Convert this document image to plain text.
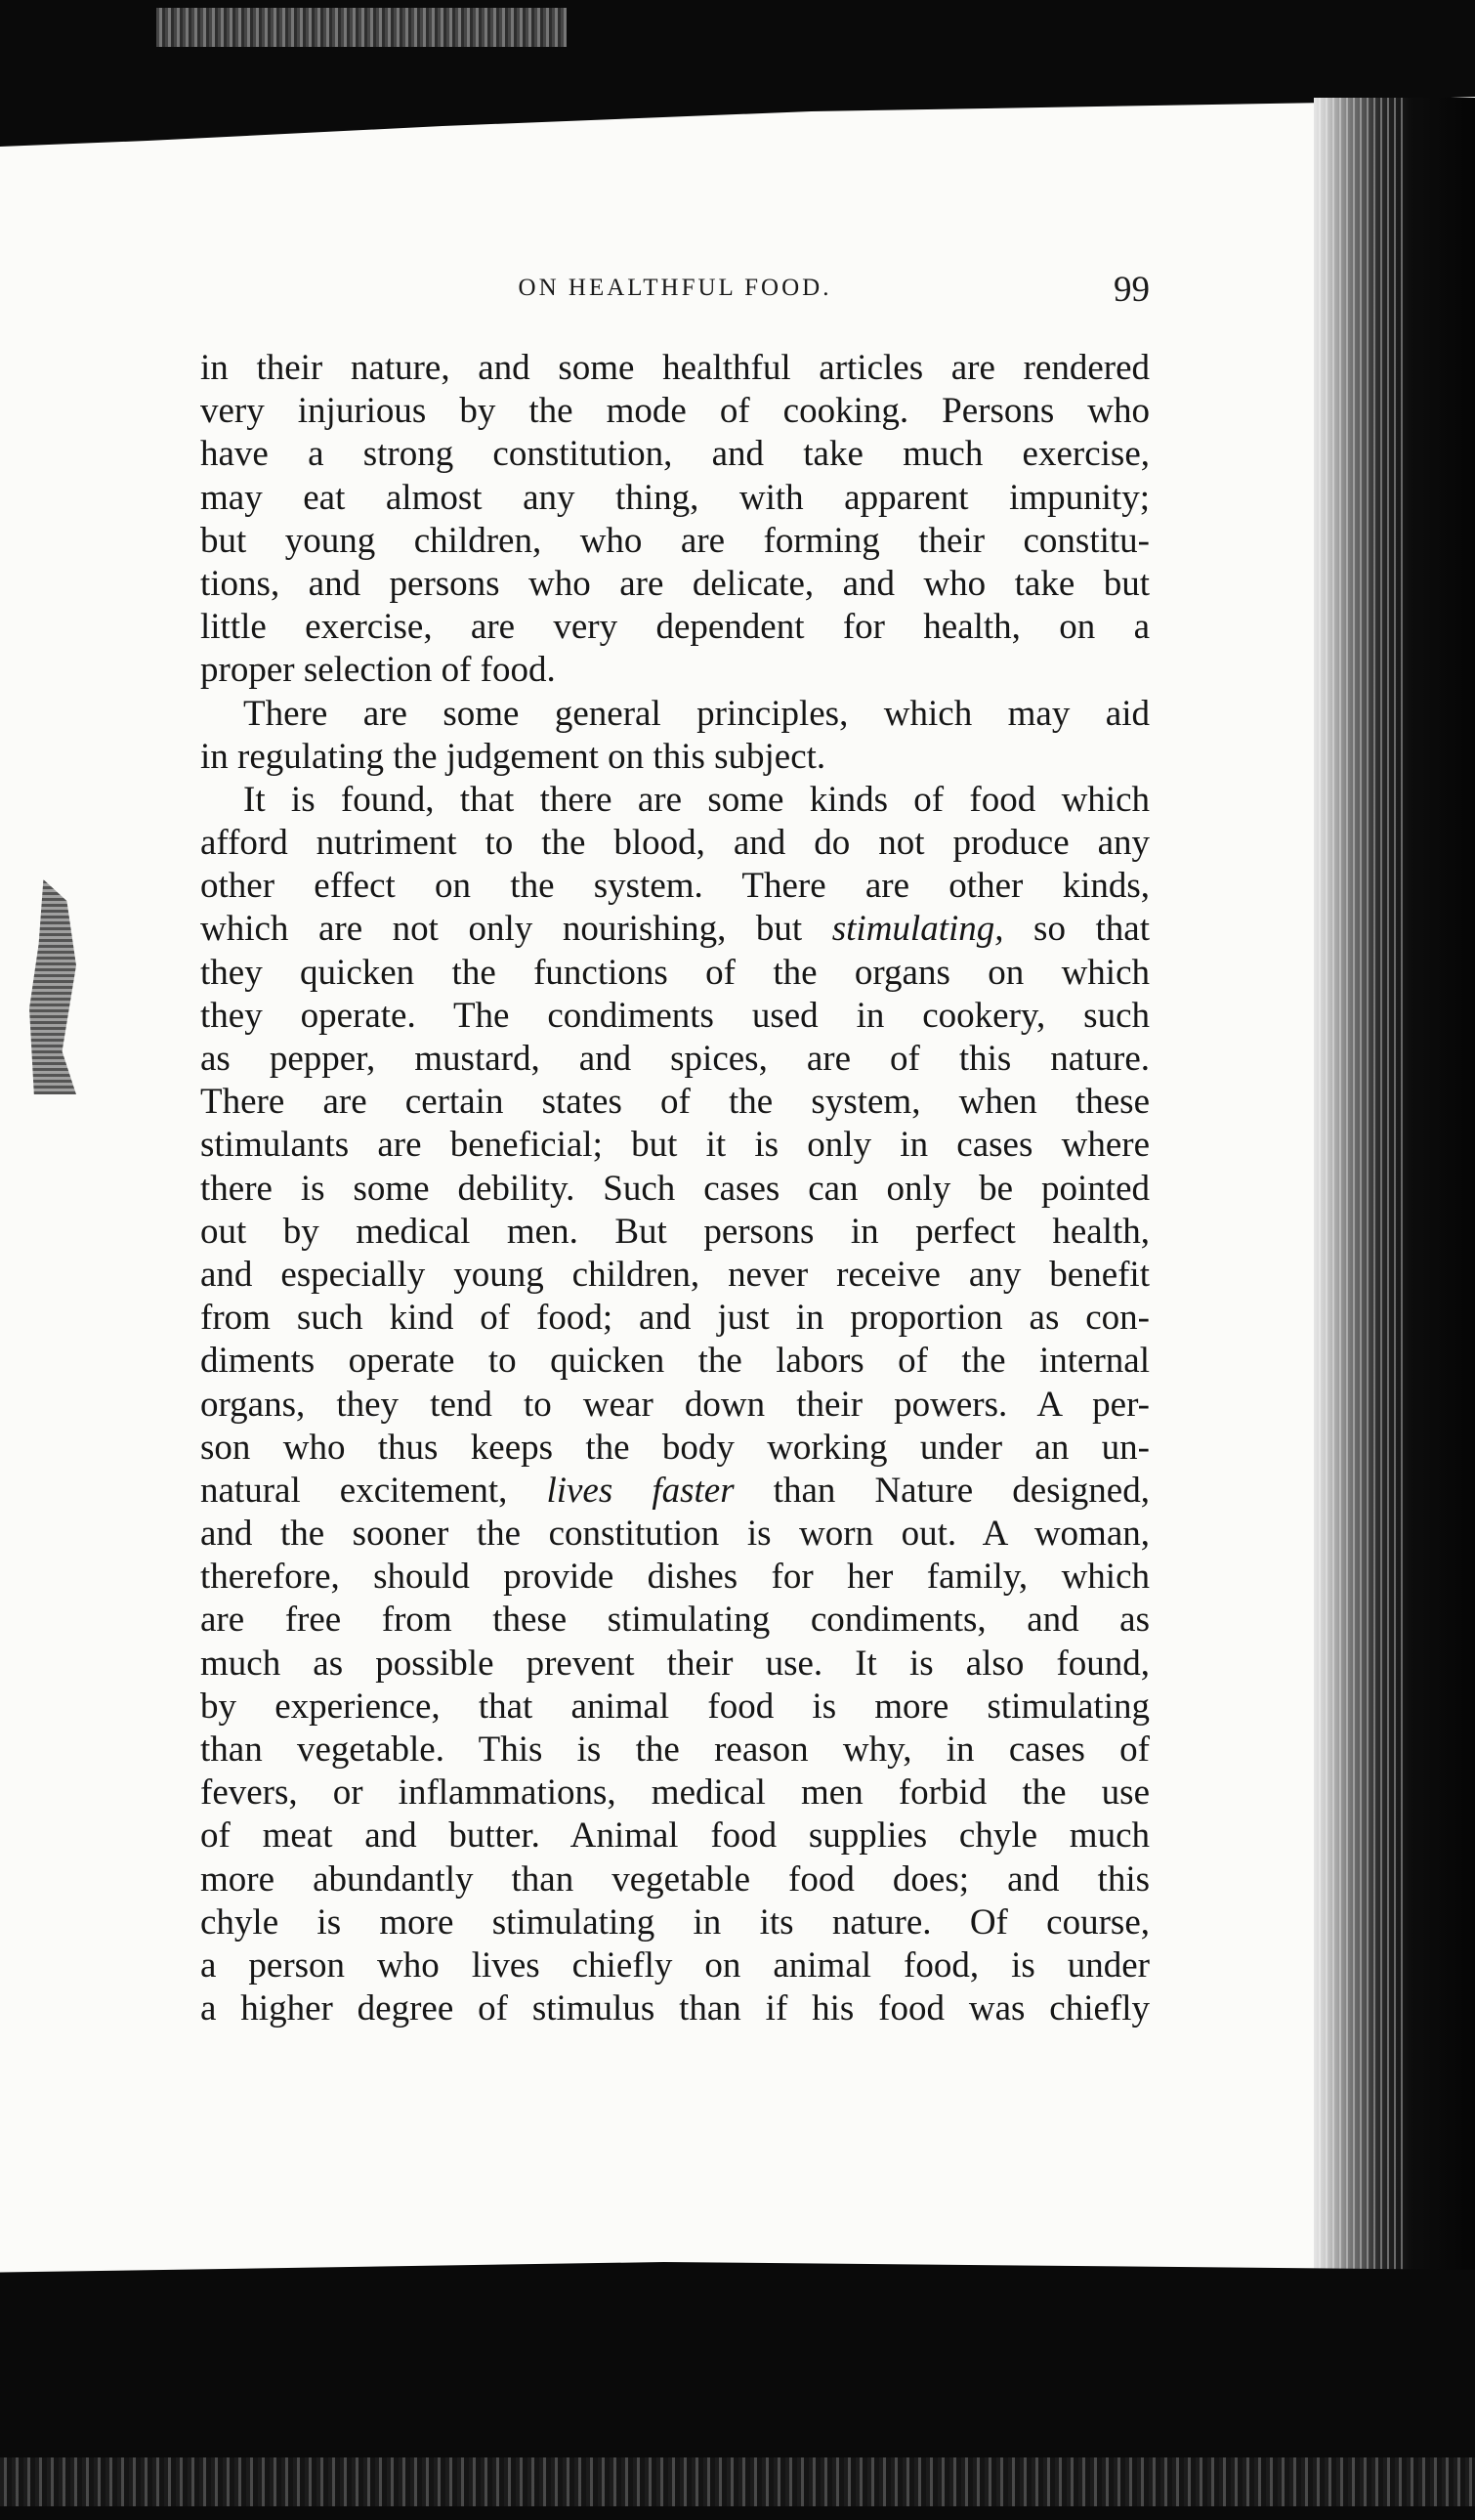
ON HEALTHFUL FOOD.	99
in their nature, and some healthful articles are rendered
very injurious by the mode of cooking. Persons who
have a strong constitution, and take much exercise,
may eat almost any thing, with apparent impunity;
but young children, who are forming their constitu-
tions, and persons who are delicate, and who take but
little exercise, are very dependent for health, on a
proper selection of food.
There are some general principles, which may aid
in regulating the judgement on this subject.
It is found, that there are some kinds of food which
afford nutriment to the blood, and do not produce any
other effect on the system. There are other kinds,
which are not only nourishing, but stimulating, so that
they quicken the functions of the organs on which
they operate. The condiments used in cookery, such
as pepper, mustard, and spices, are of this nature.
There are certain states of the system, when these
stimulants are beneficial; but it is only in cases where
there is some debility. Such cases can only be pointed
out by medical men. But persons in perfect health,
and especially young children, never receive any benefit
from such kind of food; and just in proportion as con-
diments operate to quicken the labors of the internal
organs, they tend to wear down their powers. A per-
son who thus keeps the body working under an un-
natural excitement, lives faster than Nature designed,
and the sooner the constitution is worn out. A woman,
therefore, should provide dishes for her family, which
are free from these stimulating condiments, and as
much as possible prevent their use. It is also found,
by experience, that animal food is more stimulating
than vegetable. This is the reason why, in cases of
fevers, or inflammations, medical men forbid the use
of meat and butter. Animal food supplies chyle much
more abundantly than vegetable food does; and this
chyle is more stimulating in its nature. Of course,
a person who lives chiefly on animal food, is under
a higher degree of stimulus than if his food was chiefly
